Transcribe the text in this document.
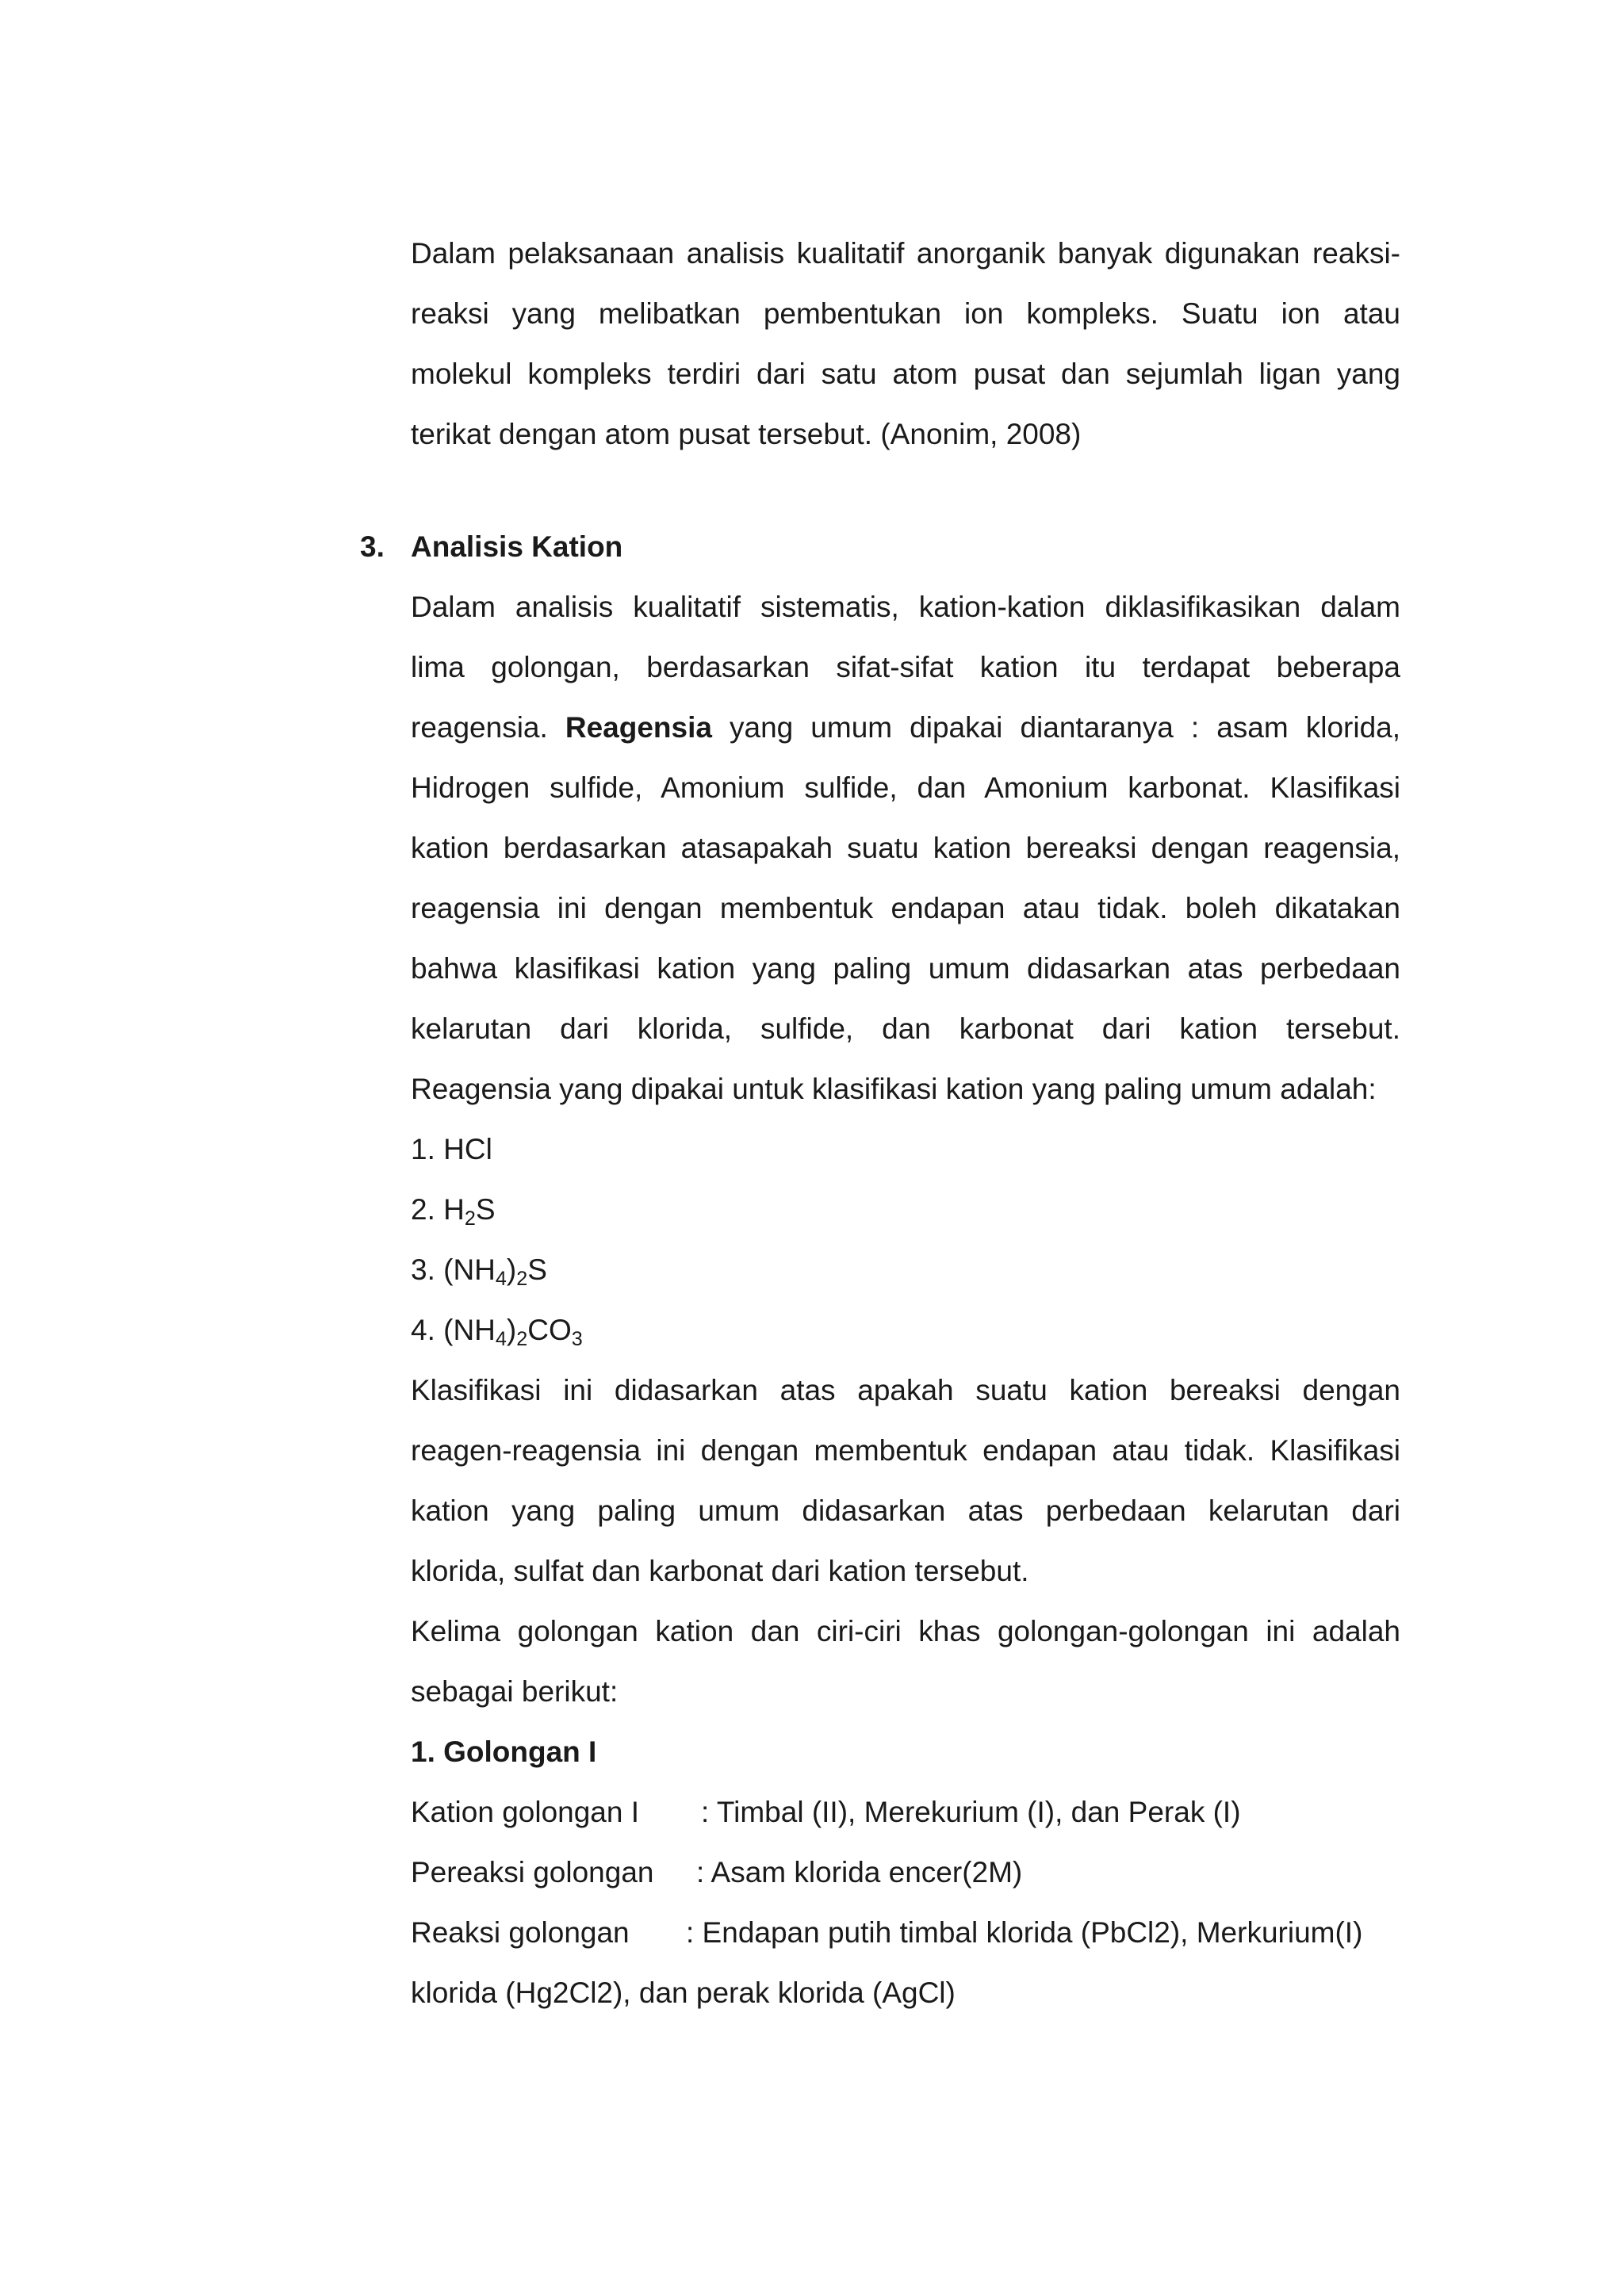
Dalam pelaksanaan analisis kualitatif anorganik banyak digunakan reaksi-
reaksi yang melibatkan pembentukan ion kompleks. Suatu ion atau
molekul kompleks terdiri dari satu atom pusat dan sejumlah ligan yang
terikat dengan atom pusat tersebut. (Anonim, 2008)
3. Analisis Kation
Dalam analisis kualitatif sistematis, kation-kation diklasifikasikan dalam
lima golongan, berdasarkan sifat-sifat kation itu terdapat beberapa
reagensia. Reagensia yang umum dipakai diantaranya : asam klorida,
Hidrogen sulfide, Amonium sulfide, dan Amonium karbonat. Klasifikasi
kation berdasarkan atasapakah suatu kation bereaksi dengan reagensia,
reagensia ini dengan membentuk endapan atau tidak. boleh dikatakan
bahwa klasifikasi kation yang paling umum didasarkan atas perbedaan
kelarutan dari klorida, sulfide, dan karbonat dari kation tersebut.
Reagensia yang dipakai untuk klasifikasi kation yang paling umum adalah:
1. HCl
2. $H_2S$
3. $(NH_4)_2S$
4. $(NH_4)_2CO_3$
Klasifikasi ini didasarkan atas apakah suatu kation bereaksi dengan
reagen-reagensia ini dengan membentuk endapan atau tidak. Klasifikasi
kation yang paling umum didasarkan atas perbedaan kelarutan dari
klorida, sulfat dan karbonat dari kation tersebut.
Kelima golongan kation dan ciri-ciri khas golongan-golongan ini adalah
sebagai berikut:
1. Golongan I
Kation golongan I : Timbal (II), Merekurium (I), dan Perak (I)
Pereaksi golongan : Asam klorida encer(2M)
Reaksi golongan : Endapan putih timbal klorida (PbCl2), Merkurium(I)
klorida (Hg2Cl2), dan perak klorida (AgCl)
